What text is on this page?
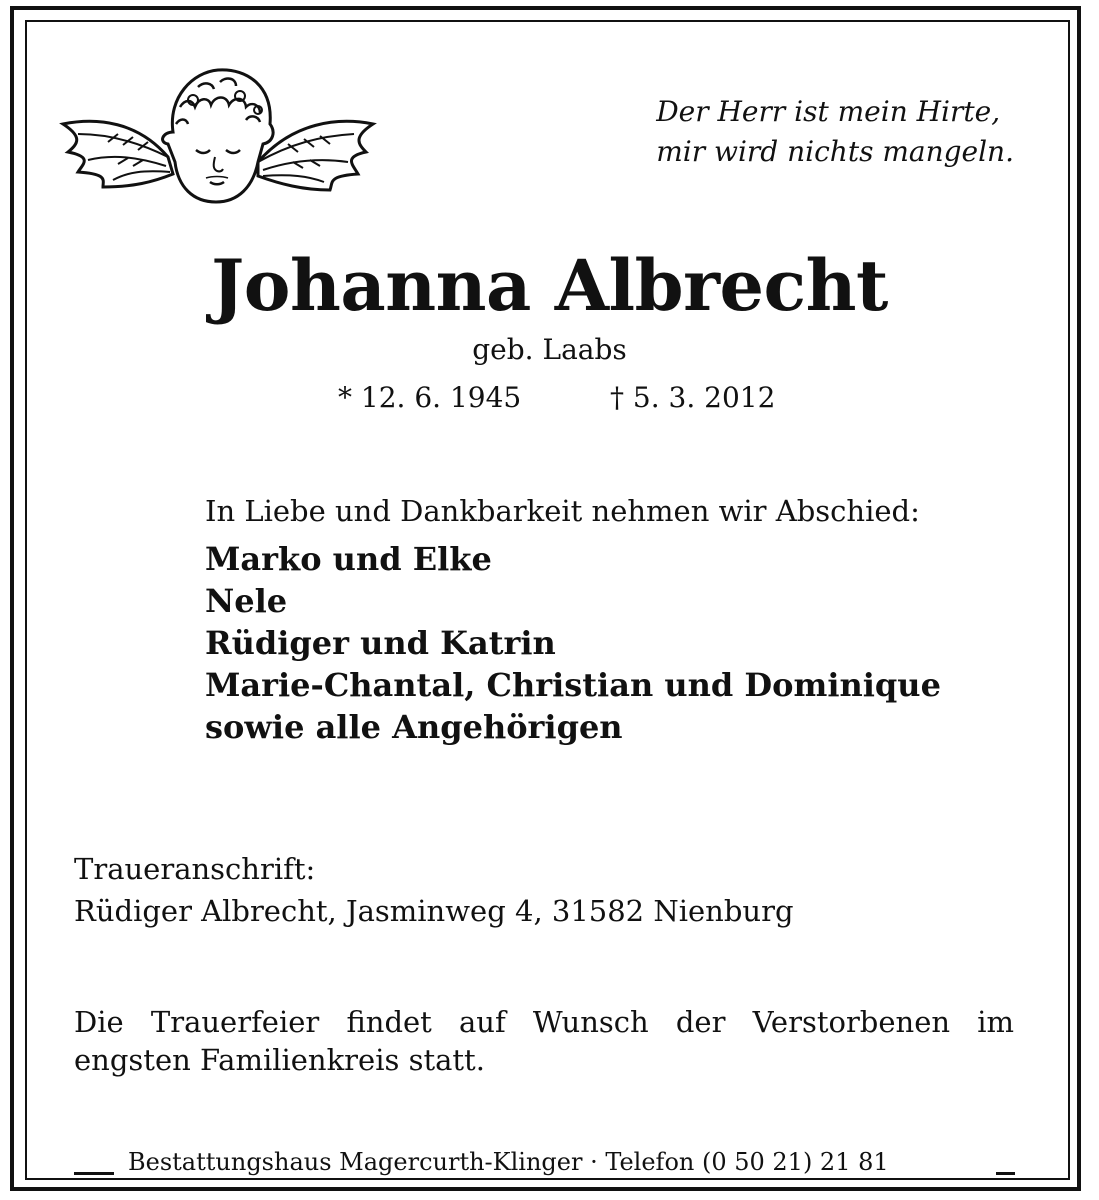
Der Herr ist mein Hirte,
mir wird nichts mangeln.
Johanna Albrecht
geb. Laabs
* 12. 6. 1945	† 5. 3. 2012
In Liebe und Dankbarkeit nehmen wir Abschied:
Marko und Elke
Nele
Rüdiger und Katrin
Marie-Chantal, Christian und Dominique
sowie alle Angehörigen
Traueranschrift:
Rüdiger Albrecht, Jasminweg 4, 31582 Nienburg
Die Trauerfeier findet auf Wunsch der Verstorbenen im engsten Familienkreis statt.
Bestattungshaus Magercurth-Klinger · Telefon (0 50 21) 21 81
